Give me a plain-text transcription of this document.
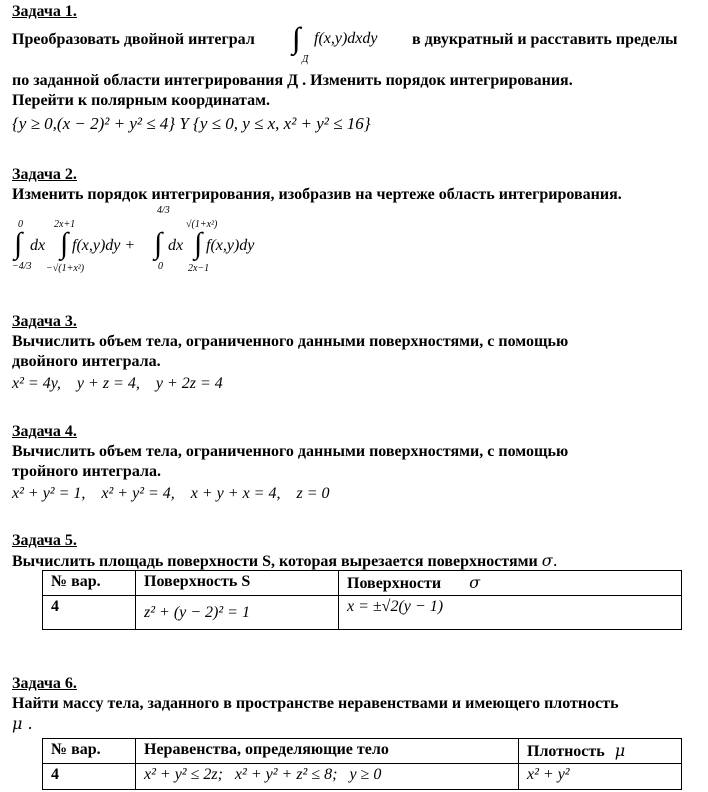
Задача 1.
Преобразовать двойной интеграл ∫∫
Д
f(x,y)dxdy в двукратный и расставить пределы
по заданной области интегрирования Д . Изменить порядок интегрирования.
Перейти к полярным координатам.
{y ≥ 0,(x − 2)² + y² ≤ 4} Y {y ≤ 0, y ≤ x, x² + y² ≤ 16}
Задача 2.
Изменить порядок интегрирования, изобразив на чертеже область интегрирования.
0
∫
−4/3
dx
2x+1
∫
−√(1+x²)
f(x,y)dy +
4/3
∫
0
dx
√(1+x²)
∫
2x−1
f(x,y)dy
Задача 3.
Вычислить объем тела, ограниченного данными поверхностями, с помощью
двойного интеграла.
x² = 4y,    y + z = 4,    y + 2z = 4
Задача 4.
Вычислить объем тела, ограниченного данными поверхностями, с помощью
тройного интеграла.
x² + y² = 1,    x² + y² = 4,    x + y + x = 4,    z = 0
Задача 5.
Вычислить площадь поверхности S, которая вырезается поверхностями σ.
№ вар.	Поверхность S	Поверхности σ
4	z² + (y − 2)² = 1	x = ±√2(y − 1)
Задача 6.
Найти массу тела, заданного в пространстве неравенствами и имеющего плотность
μ .
№ вар.	Неравенства, определяющие тело	Плотность μ
4	x² + y² ≤ 2z;   x² + y² + z² ≤ 8;   y ≥ 0	x² + y²
